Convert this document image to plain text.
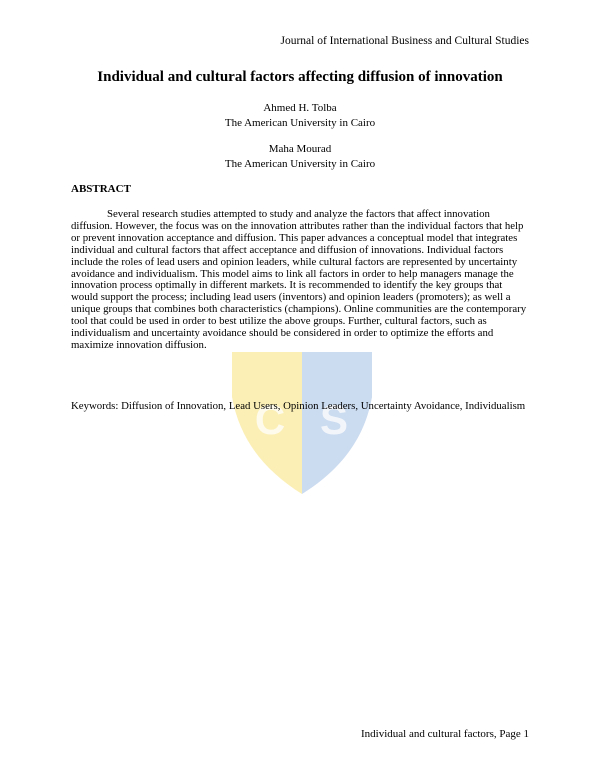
C S
Journal of International Business and Cultural Studies
Individual and cultural factors affecting diffusion of innovation
Ahmed H. Tolba
The American University in Cairo
Maha Mourad
The American University in Cairo
ABSTRACT

Several research studies attempted to study and analyze the factors that affect innovation diffusion. However, the focus was on the innovation attributes rather than the individual factors that help or prevent innovation acceptance and diffusion. This paper advances a conceptual model that integrates individual and cultural factors that affect acceptance and diffusion of innovations. Individual factors include the roles of lead users and opinion leaders, while cultural factors are represented by uncertainty avoidance and individualism. This model aims to link all factors in order to help managers manage the innovation process optimally in different markets. It is recommended to identify the key groups that would support the process; including lead users (inventors) and opinion leaders (promoters); as well a unique groups that combines both characteristics (champions). Online communities are the contemporary tool that could be used in order to best utilize the above groups. Further, cultural factors, such as individualism and uncertainty avoidance should be considered in order to optimize the efforts and maximize innovation diffusion.

Keywords: Diffusion of Innovation, Lead Users, Opinion Leaders, Uncertainty Avoidance, Individualism

Individual and cultural factors, Page 1
